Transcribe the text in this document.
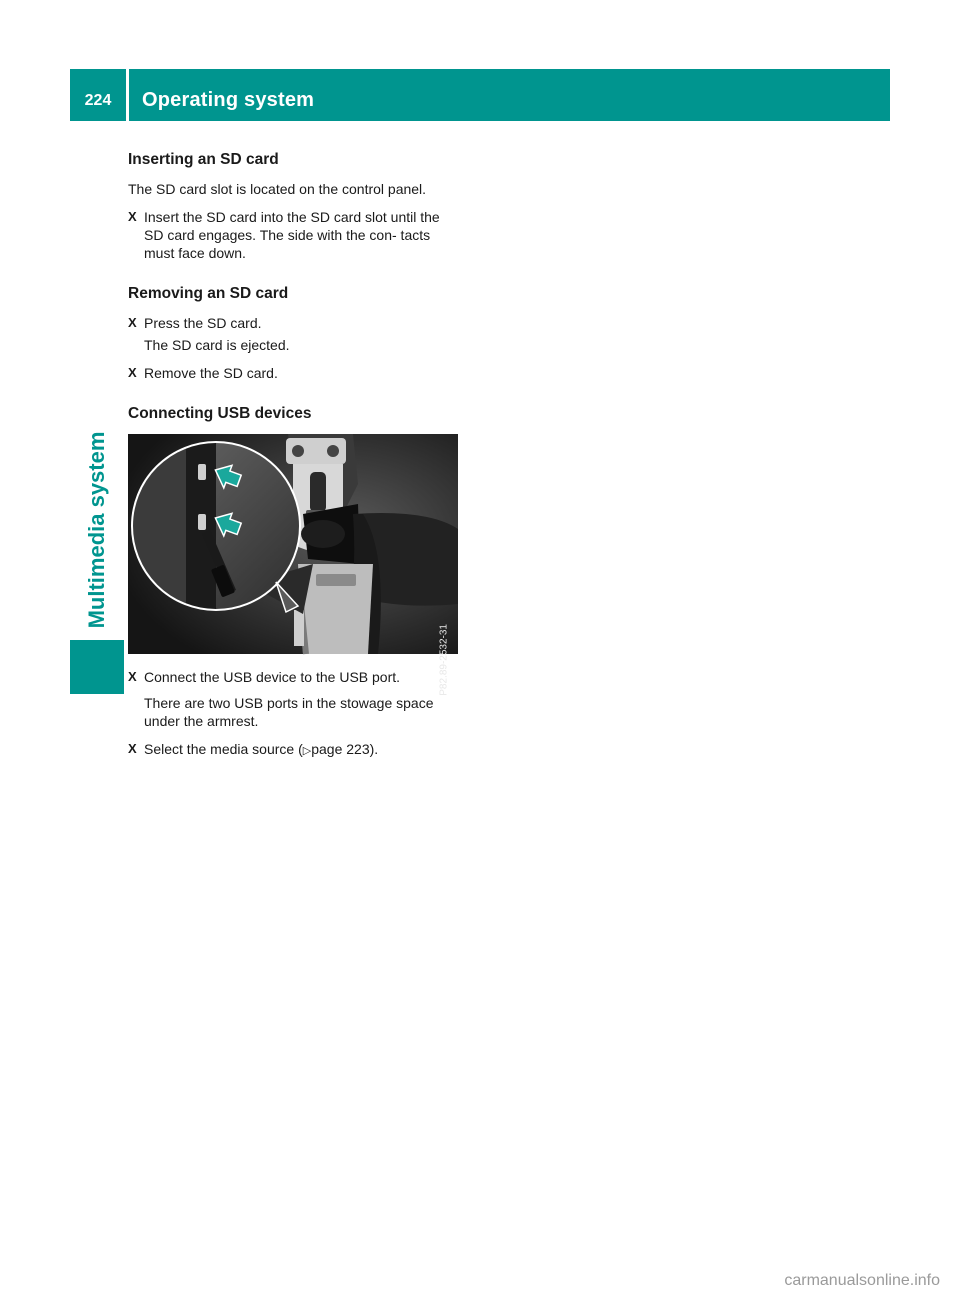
224	Operating system
Multimedia system
Inserting an SD card

The SD card slot is located on the control panel.

X Insert the SD card into the SD card slot until the SD card engages. The side with the con- tacts must face down.
Removing an SD card
X Press the SD card.

The SD card is ejected.

X Remove the SD card.
Connecting USB devices
P82.89-2532-31
X Connect the USB device to the USB port.

There are two USB ports in the stowage space under the armrest.

X Select the media source (▷page 223).
carmanualsonline.info
